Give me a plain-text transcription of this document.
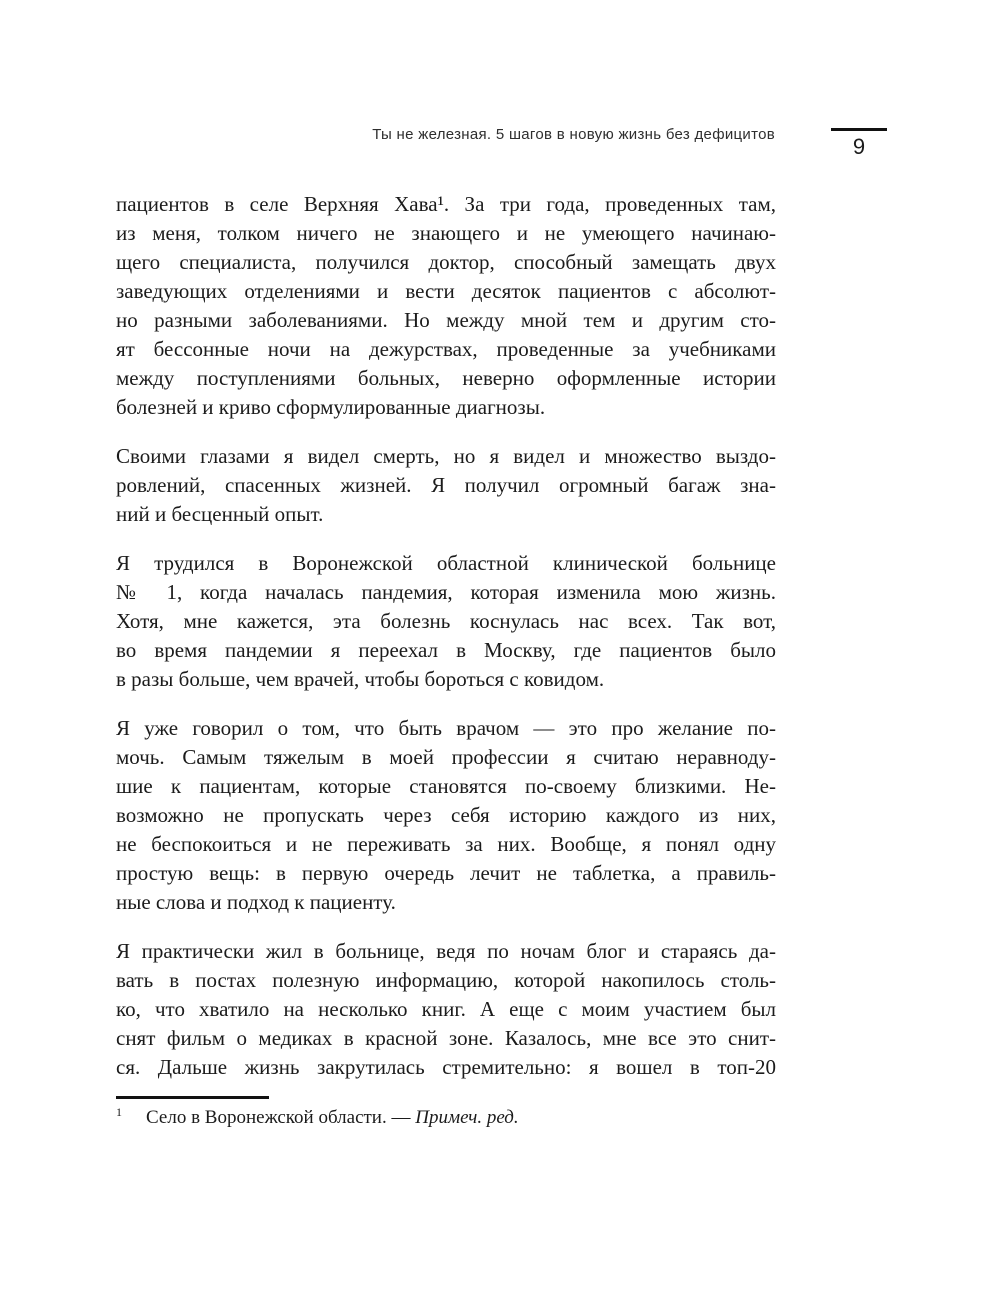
Ты не железная. 5 шагов в новую жизнь без дефицитов	9
пациентов в селе Верхняя Хава¹. За три года, проведенных там,
из меня, толком ничего не знающего и не умеющего начинаю-
щего специалиста, получился доктор, способный замещать двух
заведующих отделениями и вести десяток пациентов с абсолют-
но разными заболеваниями. Но между мной тем и другим сто-
ят бессонные ночи на дежурствах, проведенные за учебниками
между поступлениями больных, неверно оформленные истории
болезней и криво сформулированные диагнозы.
Своими глазами я видел смерть, но я видел и множество выздо-
ровлений, спасенных жизней. Я получил огромный багаж зна-
ний и бесценный опыт.
Я трудился в Воронежской областной клинической больнице
№ 1, когда началась пандемия, которая изменила мою жизнь.
Хотя, мне кажется, эта болезнь коснулась нас всех. Так вот,
во время пандемии я переехал в Москву, где пациентов было
в разы больше, чем врачей, чтобы бороться с ковидом.
Я уже говорил о том, что быть врачом — это про желание по-
мочь. Самым тяжелым в моей профессии я считаю неравноду-
шие к пациентам, которые становятся по-своему близкими. Не-
возможно не пропускать через себя историю каждого из них,
не беспокоиться и не переживать за них. Вообще, я понял одну
простую вещь: в первую очередь лечит не таблетка, а правиль-
ные слова и подход к пациенту.
Я практически жил в больнице, ведя по ночам блог и стараясь да-
вать в постах полезную информацию, которой накопилось столь-
ко, что хватило на несколько книг. А еще с моим участием был
снят фильм о медиках в красной зоне. Казалось, мне все это снит-
ся. Дальше жизнь закрутилась стремительно: я вошел в топ-20
1	Село в Воронежской области. — Примеч. ред.
